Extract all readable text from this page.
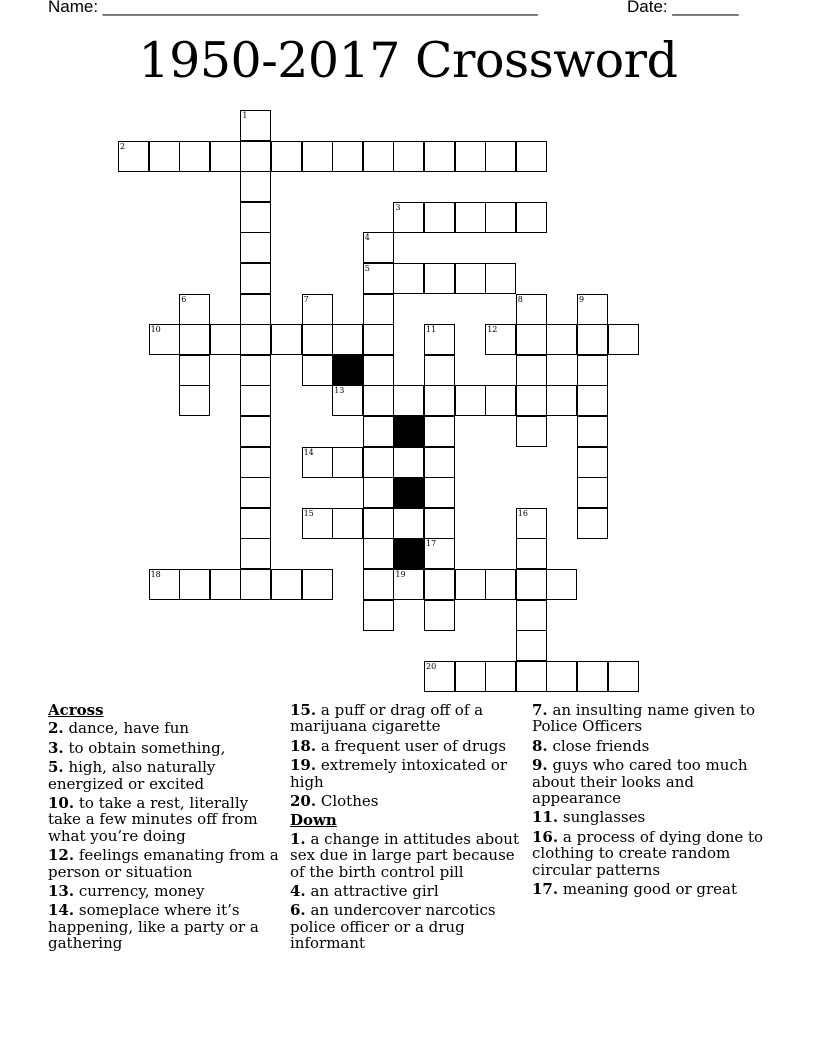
Name: ______________________________________________	Date: _______
1950-2017 Crossword
2
3
5
10	12
13
14
15
18	19
20
1
4
6	7	8	9
11
17
16
Across
2. dance, have fun
3. to obtain something,
5. high, also naturally energized or excited
10. to take a rest, literally take a few minutes off from what you’re doing
12. feelings emanating from a person or situation
13. currency, money
14. someplace where it’s happening, like a party or a gathering
15. a puff or drag off of a marijuana cigarette
18. a frequent user of drugs
19. extremely intoxicated or high
20. Clothes
Down
1. a change in attitudes about sex due in large part because of the birth control pill
4. an attractive girl
6. an undercover narcotics police officer or a drug informant
7. an insulting name given to Police Officers
8. close friends
9. guys who cared too much about their looks and appearance
11. sunglasses
16. a process of dying done to clothing to create random circular patterns
17. meaning good or great
